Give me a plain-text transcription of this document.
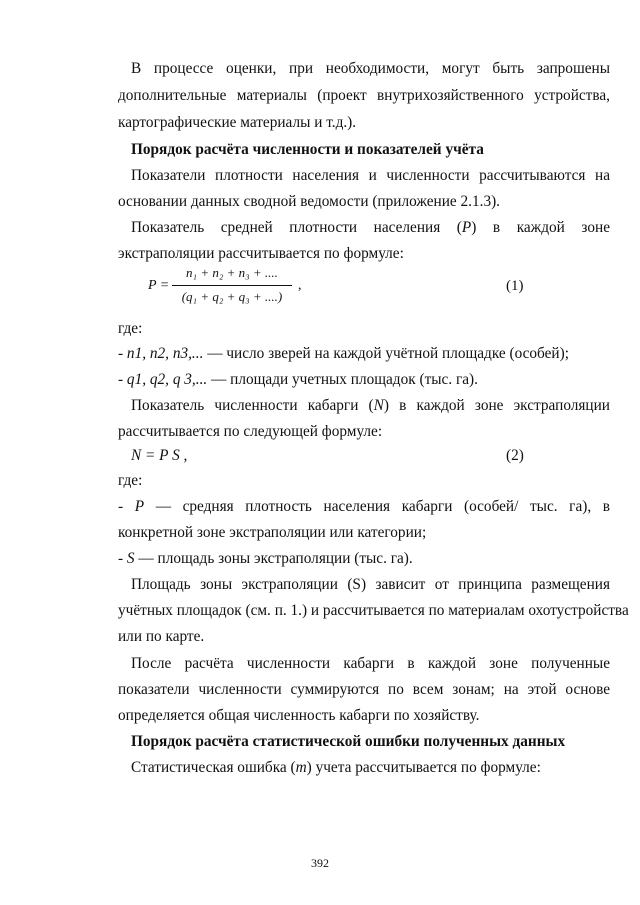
В процессе оценки, при необходимости, могут быть запрошены
дополнительные материалы (проект внутрихозяйственного устройства,
картографические материалы и т.д.).
Порядок расчёта численности и показателей учёта
Показатели плотности населения и численности рассчитываются на
основании данных сводной ведомости (приложение 2.1.3).
Показатель средней плотности населения (P) в каждой зоне
экстраполяции рассчитывается по формуле:
P =
n₁ + n₂ + n₃ + ....
(q₁ + q₂ + q₃ + ....)
,	(1)
где:
- n1, n2, n3,... — число зверей на каждой учётной площадке (особей);
- q1, q2, q 3,... — площади учетных площадок (тыс. га).
Показатель численности кабарги (N) в каждой зоне экстраполяции
рассчитывается по следующей формуле:
N = P S ,	(2)
где:
- P — средняя плотность населения кабарги (особей/ тыс. га), в
конкретной зоне экстраполяции или категории;
- S — площадь зоны экстраполяции (тыс. га).
Площадь зоны экстраполяции (S) зависит от принципа размещения
учётных площадок (см. п. 1.) и рассчитывается по материалам охотустройства
или по карте.
После расчёта численности кабарги в каждой зоне полученные
показатели численности суммируются по всем зонам; на этой основе
определяется общая численность кабарги по хозяйству.
Порядок расчёта статистической ошибки полученных данных
Статистическая ошибка (m) учета рассчитывается по формуле:
392
